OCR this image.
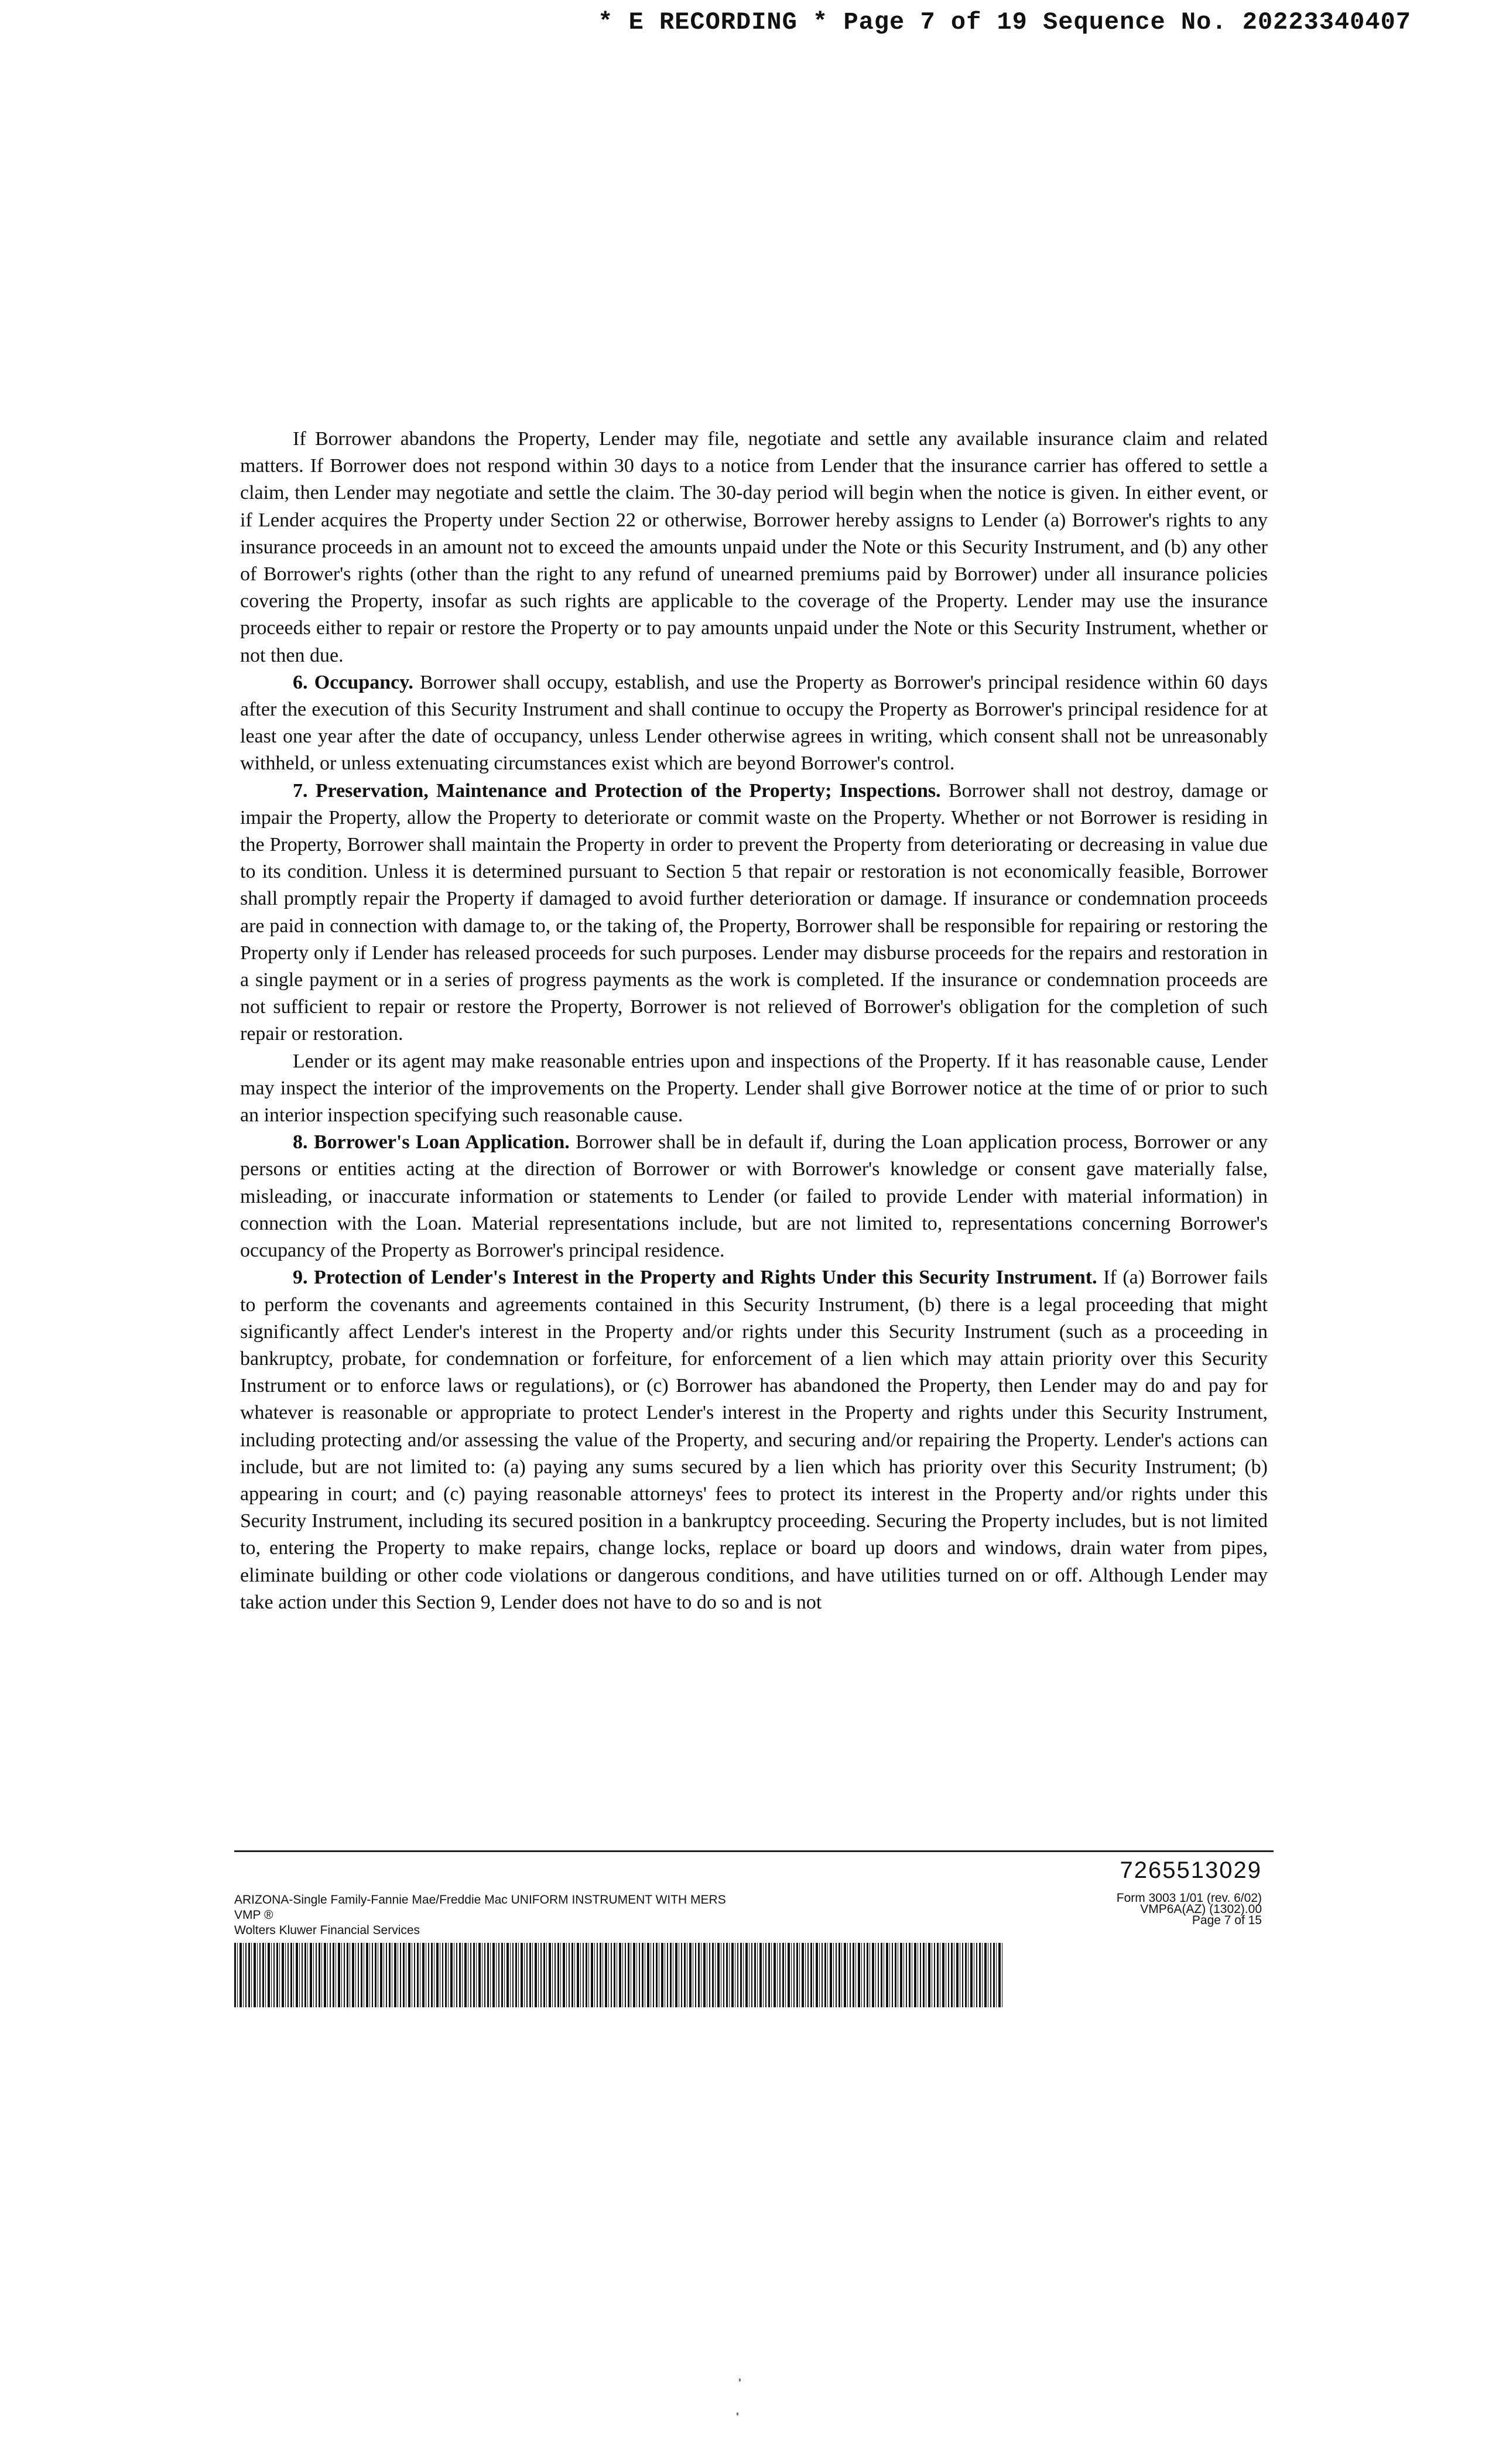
* E RECORDING * Page 7 of 19 Sequence No. 20223340407

If Borrower abandons the Property, Lender may file, negotiate and settle any available insurance claim and related matters. If Borrower does not respond within 30 days to a notice from Lender that the insurance carrier has offered to settle a claim, then Lender may negotiate and settle the claim. The 30-day period will begin when the notice is given. In either event, or if Lender acquires the Property under Section 22 or otherwise, Borrower hereby assigns to Lender (a) Borrower's rights to any insurance proceeds in an amount not to exceed the amounts unpaid under the Note or this Security Instrument, and (b) any other of Borrower's rights (other than the right to any refund of unearned premiums paid by Borrower) under all insurance policies covering the Property, insofar as such rights are applicable to the coverage of the Property. Lender may use the insurance proceeds either to repair or restore the Property or to pay amounts unpaid under the Note or this Security Instrument, whether or not then due.

6. Occupancy. Borrower shall occupy, establish, and use the Property as Borrower's principal residence within 60 days after the execution of this Security Instrument and shall continue to occupy the Property as Borrower's principal residence for at least one year after the date of occupancy, unless Lender otherwise agrees in writing, which consent shall not be unreasonably withheld, or unless extenuating circumstances exist which are beyond Borrower's control.

7. Preservation, Maintenance and Protection of the Property; Inspections. Borrower shall not destroy, damage or impair the Property, allow the Property to deteriorate or commit waste on the Property. Whether or not Borrower is residing in the Property, Borrower shall maintain the Property in order to prevent the Property from deteriorating or decreasing in value due to its condition. Unless it is determined pursuant to Section 5 that repair or restoration is not economically feasible, Borrower shall promptly repair the Property if damaged to avoid further deterioration or damage. If insurance or condemnation proceeds are paid in connection with damage to, or the taking of, the Property, Borrower shall be responsible for repairing or restoring the Property only if Lender has released proceeds for such purposes. Lender may disburse proceeds for the repairs and restoration in a single payment or in a series of progress payments as the work is completed. If the insurance or condemnation proceeds are not sufficient to repair or restore the Property, Borrower is not relieved of Borrower's obligation for the completion of such repair or restoration.

Lender or its agent may make reasonable entries upon and inspections of the Property. If it has reasonable cause, Lender may inspect the interior of the improvements on the Property. Lender shall give Borrower notice at the time of or prior to such an interior inspection specifying such reasonable cause.

8. Borrower's Loan Application. Borrower shall be in default if, during the Loan application process, Borrower or any persons or entities acting at the direction of Borrower or with Borrower's knowledge or consent gave materially false, misleading, or inaccurate information or statements to Lender (or failed to provide Lender with material information) in connection with the Loan. Material representations include, but are not limited to, representations concerning Borrower's occupancy of the Property as Borrower's principal residence.

9. Protection of Lender's Interest in the Property and Rights Under this Security Instrument. If (a) Borrower fails to perform the covenants and agreements contained in this Security Instrument, (b) there is a legal proceeding that might significantly affect Lender's interest in the Property and/or rights under this Security Instrument (such as a proceeding in bankruptcy, probate, for condemnation or forfeiture, for enforcement of a lien which may attain priority over this Security Instrument or to enforce laws or regulations), or (c) Borrower has abandoned the Property, then Lender may do and pay for whatever is reasonable or appropriate to protect Lender's interest in the Property and rights under this Security Instrument, including protecting and/or assessing the value of the Property, and securing and/or repairing the Property. Lender's actions can include, but are not limited to: (a) paying any sums secured by a lien which has priority over this Security Instrument; (b) appearing in court; and (c) paying reasonable attorneys' fees to protect its interest in the Property and/or rights under this Security Instrument, including its secured position in a bankruptcy proceeding. Securing the Property includes, but is not limited to, entering the Property to make repairs, change locks, replace or board up doors and windows, drain water from pipes, eliminate building or other code violations or dangerous conditions, and have utilities turned on or off. Although Lender may take action under this Section 9, Lender does not have to do so and is not

7265513029
ARIZONA-Single Family-Fannie Mae/Freddie Mac UNIFORM INSTRUMENT WITH MERS
VMP ®
Wolters Kluwer Financial Services
Form 3003 1/01 (rev. 6/02)
VMP6A(AZ) (1302).00
Page 7 of 15
